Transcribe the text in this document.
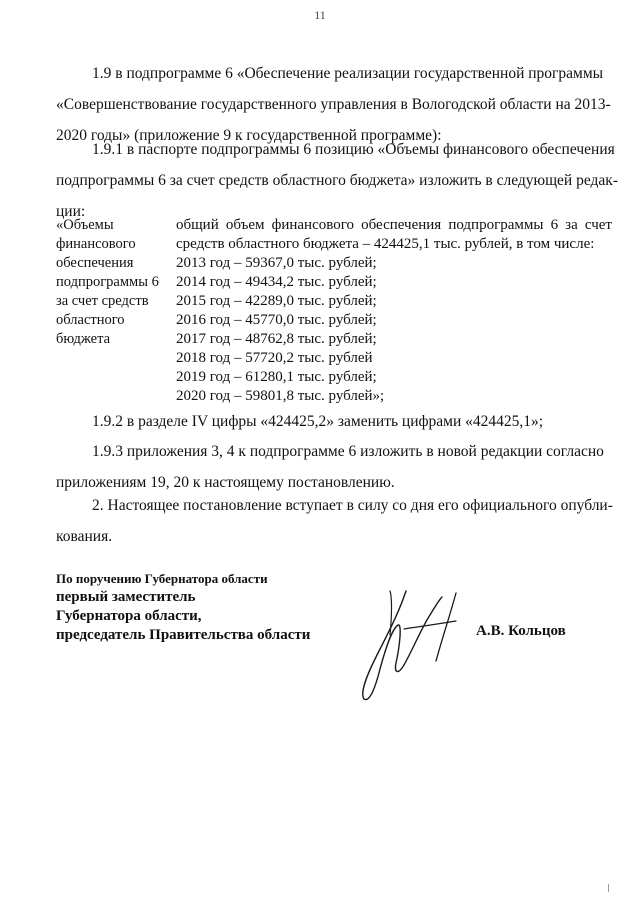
11
1.9 в подпрограмме 6 «Обеспечение реализации государственной программы
«Совершенствование государственного управления в Вологодской области на 2013-
2020 годы» (приложение 9 к государственной программе):
1.9.1 в паспорте подпрограммы 6 позицию «Объемы финансового обеспечения
подпрограммы 6 за счет средств областного бюджета» изложить в следующей редак-
ции:
«Объемы
финансового
обеспечения
подпрограммы 6
за счет средств
областного
бюджета
общий объем финансового обеспечения подпрограммы 6 за счет средств областного бюджета – 424425,1 тыс. рублей, в том числе:
2013 год – 59367,0 тыс. рублей;
2014 год – 49434,2 тыс. рублей;
2015 год – 42289,0 тыс. рублей;
2016 год – 45770,0 тыс. рублей;
2017 год – 48762,8 тыс. рублей;
2018 год – 57720,2 тыс. рублей
2019 год – 61280,1 тыс. рублей;
2020 год – 59801,8 тыс. рублей»;
1.9.2 в разделе IV цифры «424425,2» заменить цифрами «424425,1»;
1.9.3 приложения 3, 4 к подпрограмме 6 изложить в новой редакции согласно
приложениям 19, 20 к настоящему постановлению.
2. Настоящее постановление вступает в силу со дня его официального опубли-
кования.
По поручению Губернатора области
первый заместитель
Губернатора области,
председатель Правительства области	А.В. Кольцов
